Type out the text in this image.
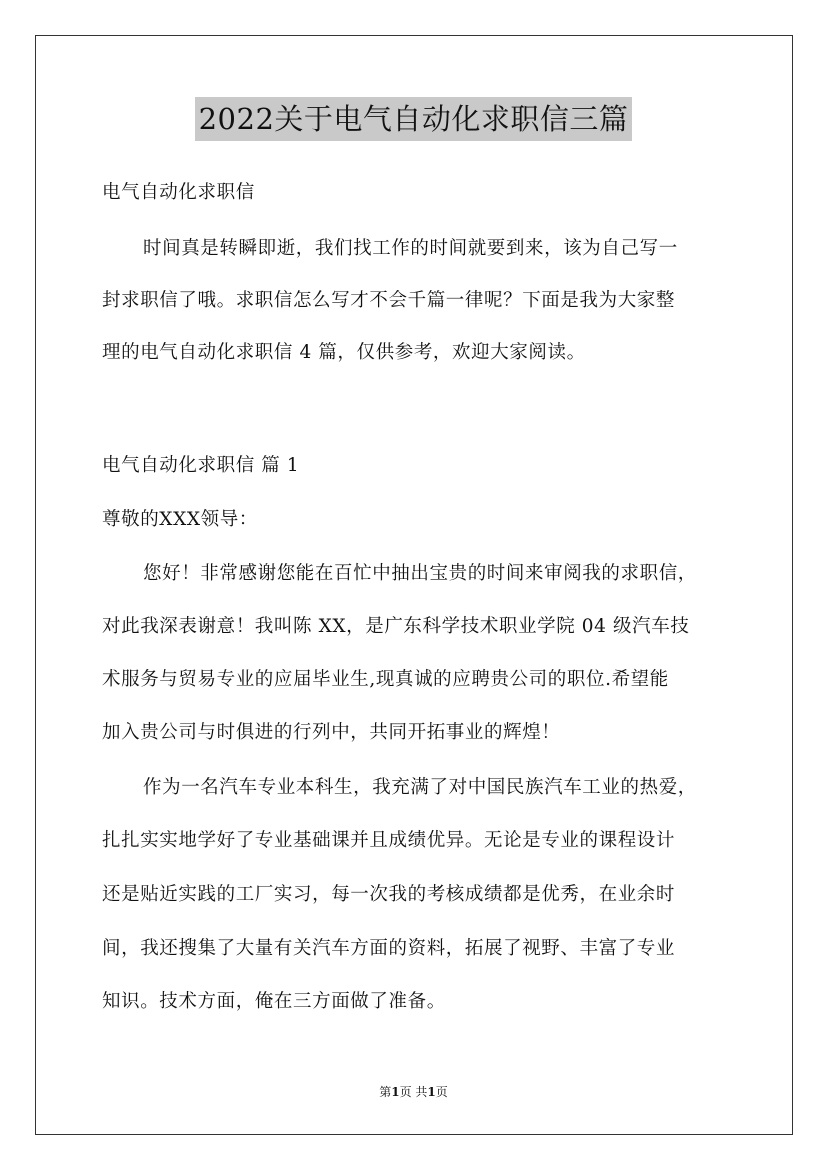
2022关于电气自动化求职信三篇
电气自动化求职信
时间真是转瞬即逝，我们找工作的时间就要到来，该为自己写一
封求职信了哦。求职信怎么写才不会千篇一律呢？下面是我为大家整
理的电气自动化求职信 4 篇，仅供参考，欢迎大家阅读。
电气自动化求职信 篇 1
尊敬的XXX领导：
您好！非常感谢您能在百忙中抽出宝贵的时间来审阅我的求职信，
对此我深表谢意！我叫陈 XX，是广东科学技术职业学院 04 级汽车技
术服务与贸易专业的应届毕业生,现真诚的应聘贵公司的职位.希望能
加入贵公司与时俱进的行列中，共同开拓事业的辉煌！
作为一名汽车专业本科生，我充满了对中国民族汽车工业的热爱，
扎扎实实地学好了专业基础课并且成绩优异。无论是专业的课程设计
还是贴近实践的工厂实习，每一次我的考核成绩都是优秀，在业余时
间，我还搜集了大量有关汽车方面的资料，拓展了视野、丰富了专业
知识。技术方面，俺在三方面做了准备。
第1页 共1页
